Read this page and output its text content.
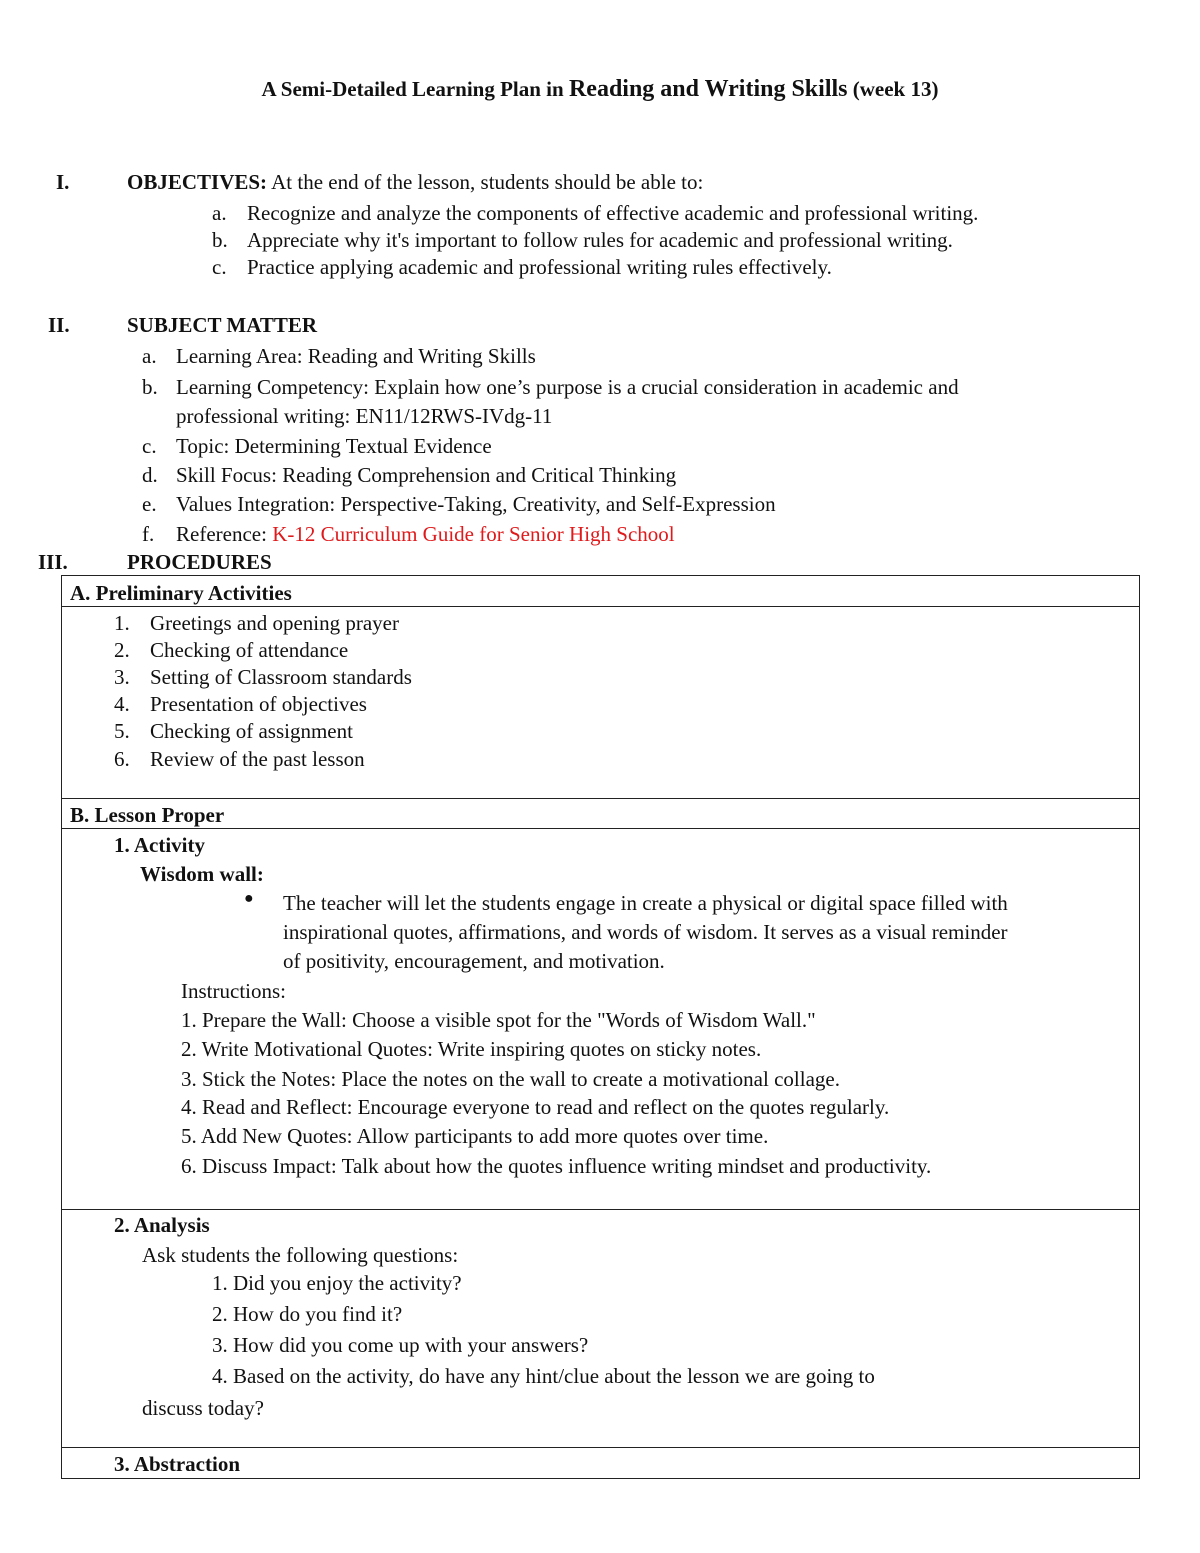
A Semi-Detailed Learning Plan in Reading and Writing Skills (week 13)
I.	OBJECTIVES: At the end of the lesson, students should be able to:
a. Recognize and analyze the components of effective academic and professional writing.
b. Appreciate why it's important to follow rules for academic and professional writing.
c. Practice applying academic and professional writing rules effectively.
II.	SUBJECT MATTER
a. Learning Area: Reading and Writing Skills
b. Learning Competency: Explain how one’s purpose is a crucial consideration in academic and
professional writing: EN11/12RWS-IVdg-11
c. Topic: Determining Textual Evidence
d. Skill Focus: Reading Comprehension and Critical Thinking
e. Values Integration: Perspective-Taking, Creativity, and Self-Expression
f. Reference: K-12 Curriculum Guide for Senior High School
III.	PROCEDURES
A. Preliminary Activities
1. Greetings and opening prayer
2. Checking of attendance
3. Setting of Classroom standards
4. Presentation of objectives
5. Checking of assignment
6. Review of the past lesson
B. Lesson Proper
1. Activity
Wisdom wall:
● The teacher will let the students engage in create a physical or digital space filled with
inspirational quotes, affirmations, and words of wisdom. It serves as a visual reminder
of positivity, encouragement, and motivation.
Instructions:
1. Prepare the Wall: Choose a visible spot for the "Words of Wisdom Wall."
2. Write Motivational Quotes: Write inspiring quotes on sticky notes.
3. Stick the Notes: Place the notes on the wall to create a motivational collage.
4. Read and Reflect: Encourage everyone to read and reflect on the quotes regularly.
5. Add New Quotes: Allow participants to add more quotes over time.
6. Discuss Impact: Talk about how the quotes influence writing mindset and productivity.
2. Analysis
Ask students the following questions:
1. Did you enjoy the activity?
2. How do you find it?
3. How did you come up with your answers?
4. Based on the activity, do have any hint/clue about the lesson we are going to
discuss today?
3. Abstraction
